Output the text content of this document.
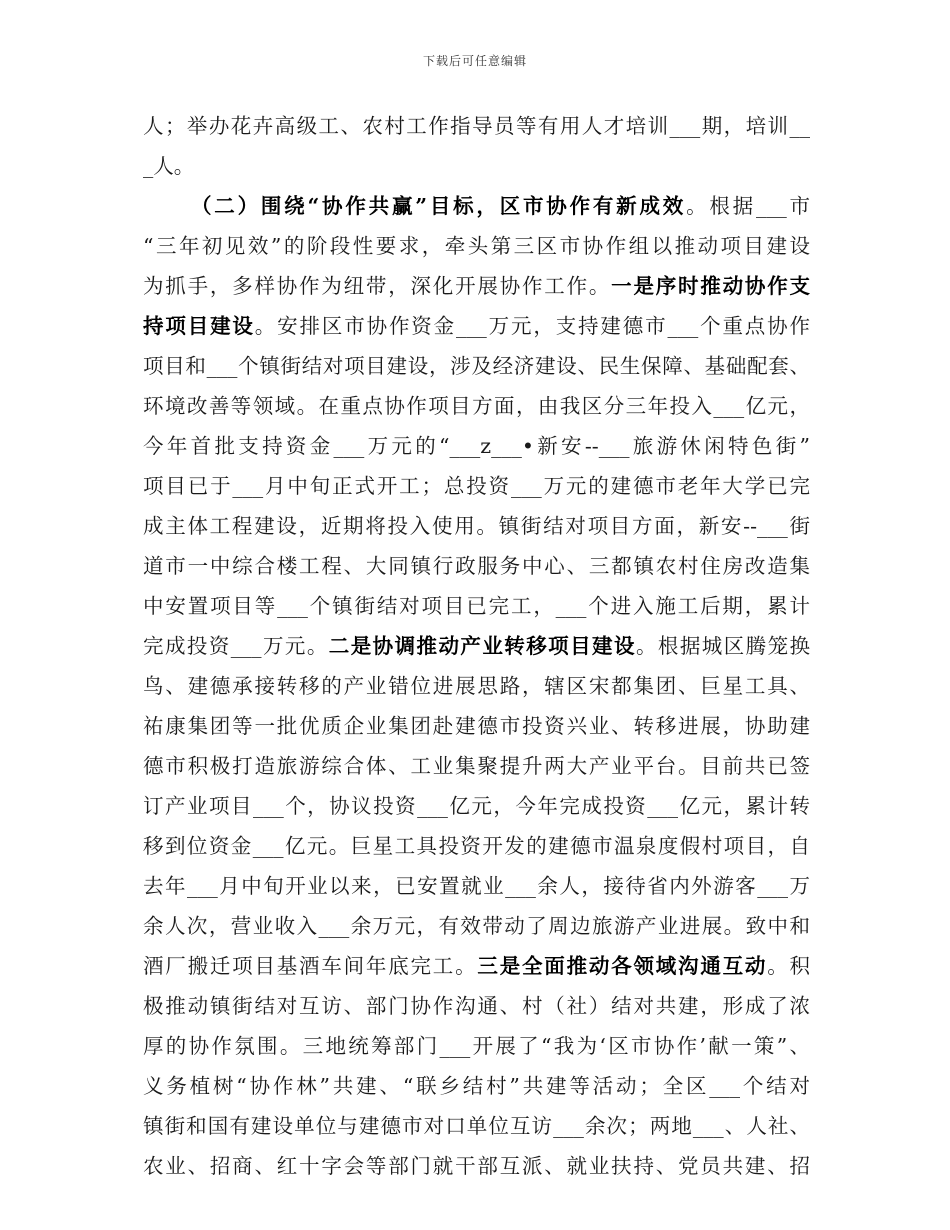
下载后可任意编辑
人；举办花卉高级工、农村工作指导员等有用人才培训___期，培训__
_人。
（二）围绕“协作共赢”目标，区市协作有新成效。根据___市
“三年初见效”的阶段性要求，牵头第三区市协作组以推动项目建设
为抓手，多样协作为纽带，深化开展协作工作。一是序时推动协作支
持项目建设。安排区市协作资金___万元，支持建德市___个重点协作
项目和___个镇街结对项目建设，涉及经济建设、民生保障、基础配套、
环境改善等领域。在重点协作项目方面，由我区分三年投入___亿元，
今年首批支持资金___万元的“___z___•新安--___旅游休闲特色街”
项目已于___月中旬正式开工；总投资___万元的建德市老年大学已完
成主体工程建设，近期将投入使用。镇街结对项目方面，新安--___街
道市一中综合楼工程、大同镇行政服务中心、三都镇农村住房改造集
中安置项目等___个镇街结对项目已完工，___个进入施工后期，累计
完成投资___万元。二是协调推动产业转移项目建设。根据城区腾笼换
鸟、建德承接转移的产业错位进展思路，辖区宋都集团、巨星工具、
祐康集团等一批优质企业集团赴建德市投资兴业、转移进展，协助建
德市积极打造旅游综合体、工业集聚提升两大产业平台。目前共已签
订产业项目___个，协议投资___亿元，今年完成投资___亿元，累计转
移到位资金___亿元。巨星工具投资开发的建德市温泉度假村项目，自
去年___月中旬开业以来，已安置就业___余人，接待省内外游客___万
余人次，营业收入___余万元，有效带动了周边旅游产业进展。致中和
酒厂搬迁项目基酒车间年底完工。三是全面推动各领域沟通互动。积
极推动镇街结对互访、部门协作沟通、村（社）结对共建，形成了浓
厚的协作氛围。三地统筹部门___开展了“我为‘区市协作’献一策”、
义务植树“协作林”共建、“联乡结村”共建等活动；全区___个结对
镇街和国有建设单位与建德市对口单位互访___余次；两地___、人社、
农业、招商、红十字会等部门就干部互派、就业扶持、党员共建、招
